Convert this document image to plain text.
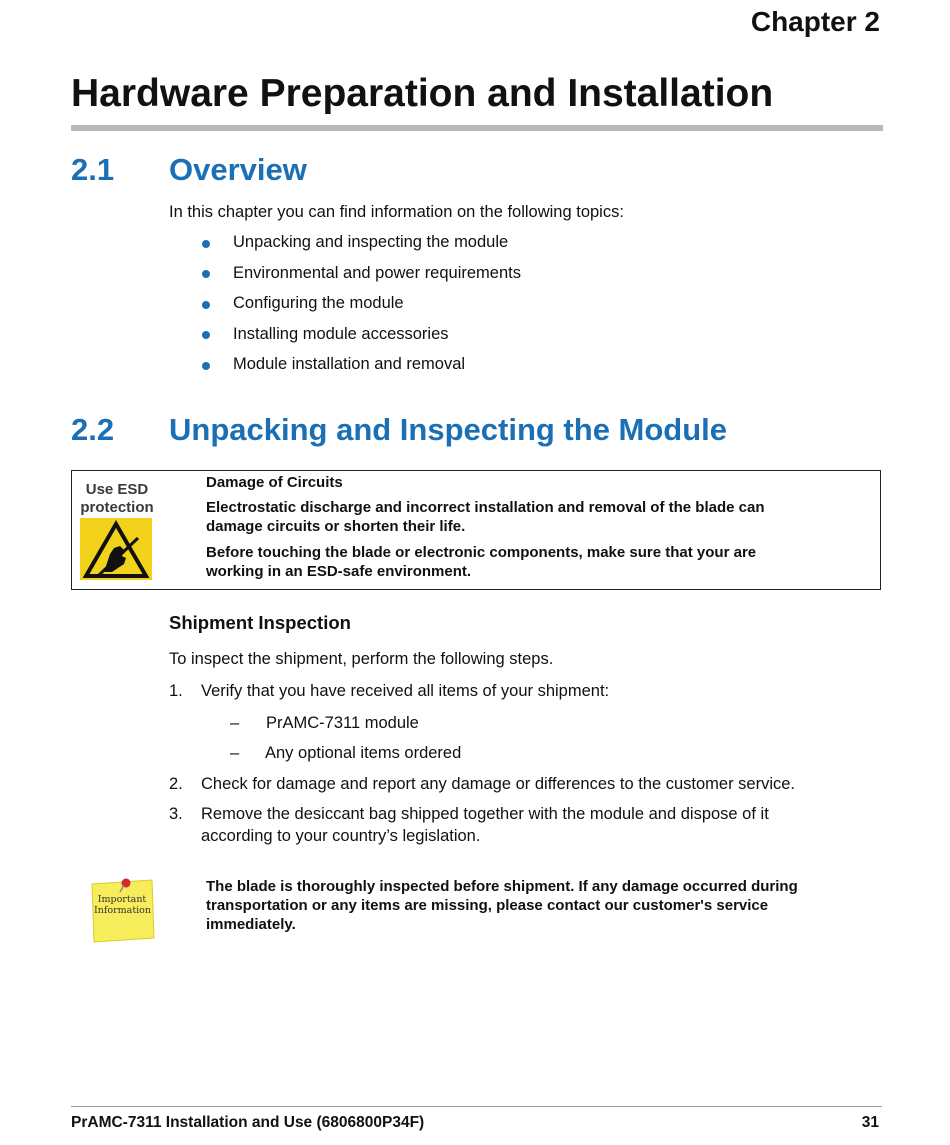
Chapter 2
Hardware Preparation and Installation
2.1 Overview
In this chapter you can find information on the following topics:
Unpacking and inspecting the module
Environmental and power requirements
Configuring the module
Installing module accessories
Module installation and removal
2.2 Unpacking and Inspecting the Module
Use ESD
protection
Damage of Circuits
Electrostatic discharge and incorrect installation and removal of the blade can
damage circuits or shorten their life.
Before touching the blade or electronic components, make sure that your are
working in an ESD-safe environment.
Shipment Inspection
To inspect the shipment, perform the following steps.
1. Verify that you have received all items of your shipment:
– PrAMC-7311 module
– Any optional items ordered
2. Check for damage and report any damage or differences to the customer service.
3. Remove the desiccant bag shipped together with the module and dispose of it
according to your country’s legislation.
Important
Information
The blade is thoroughly inspected before shipment. If any damage occurred during
transportation or any items are missing, please contact our customer's service
immediately.
PrAMC-7311 Installation and Use (6806800P34F)	31
